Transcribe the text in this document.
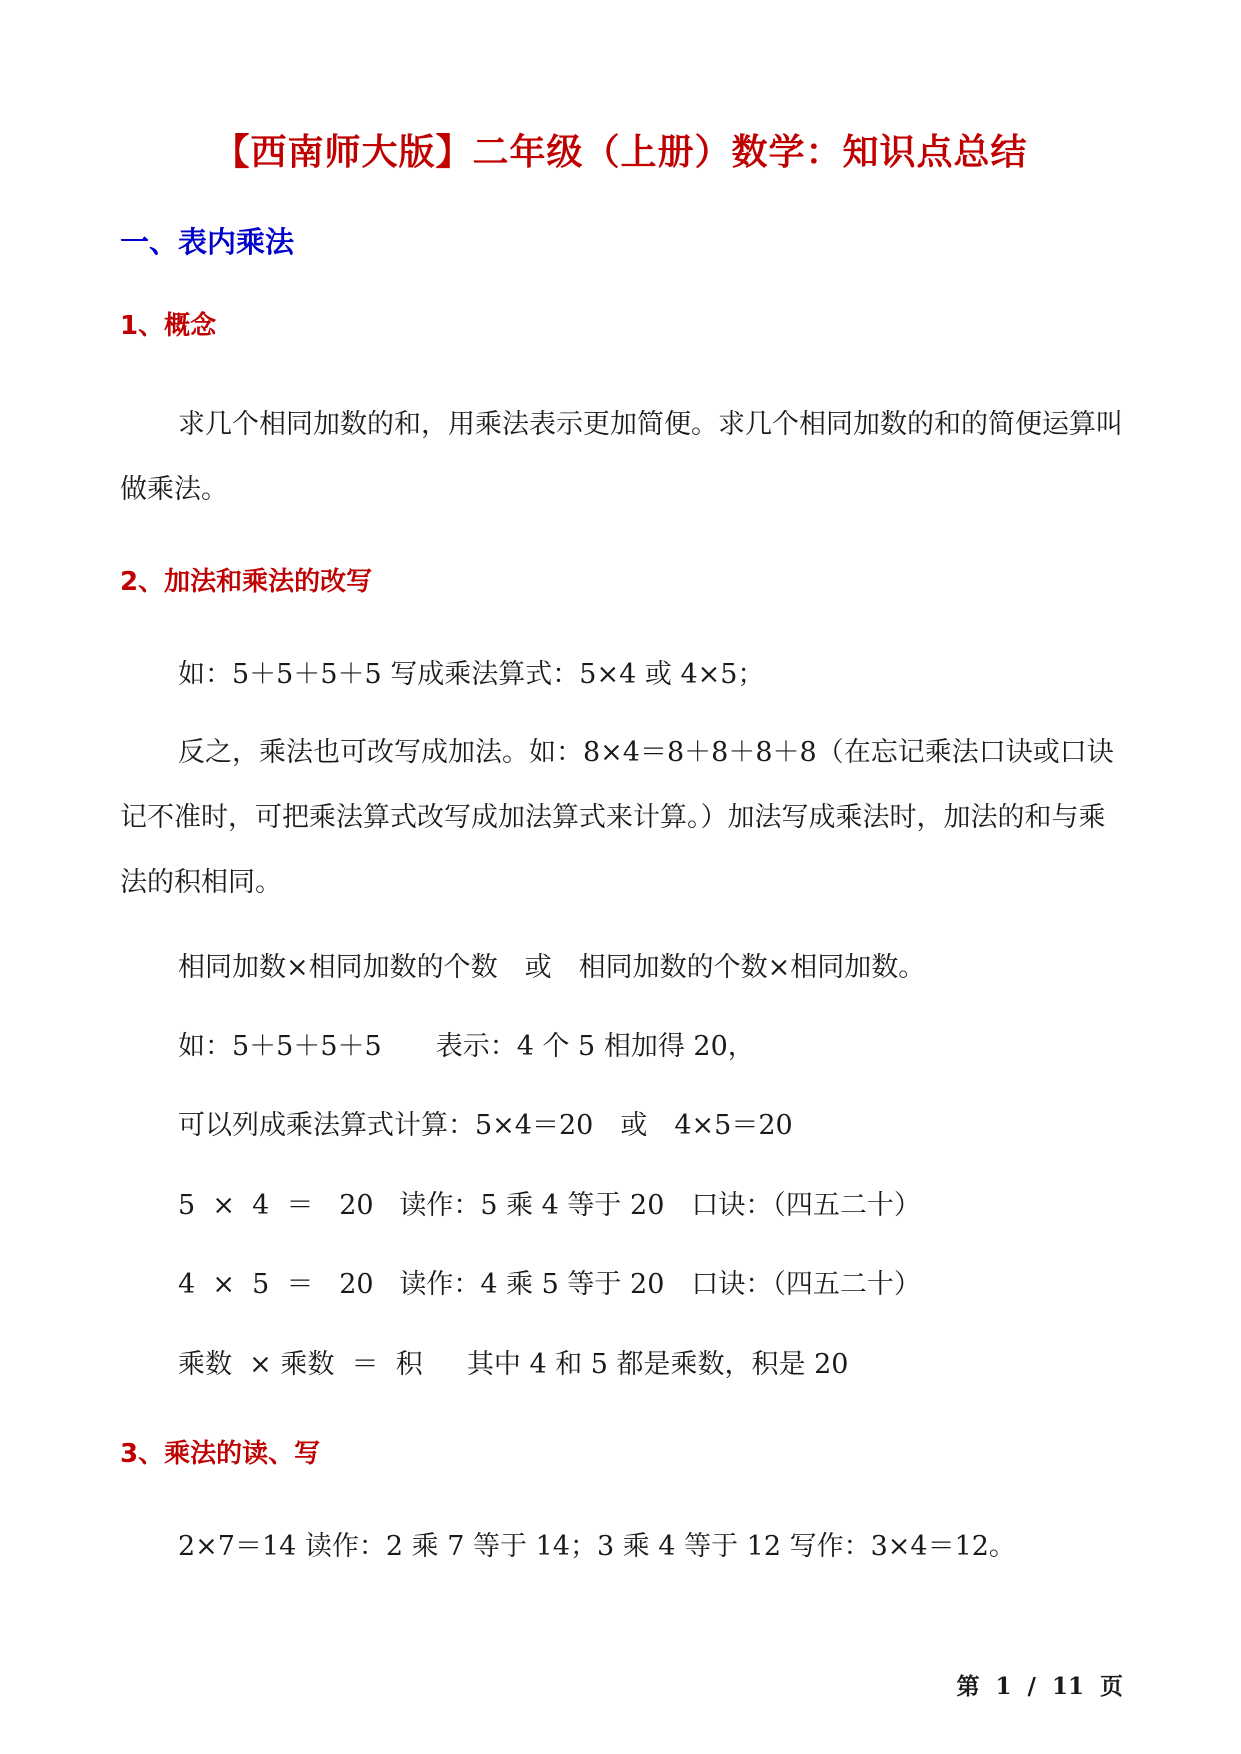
【西南师大版】二年级（上册）数学：知识点总结
一、表内乘法
1、概念
求几个相同加数的和，用乘法表示更加简便。求几个相同加数的和的简便运算叫做乘法。
2、加法和乘法的改写
如：5＋5＋5＋5 写成乘法算式：5×4 或 4×5；
反之，乘法也可改写成加法。如：8×4＝8＋8＋8＋8（在忘记乘法口诀或口诀记不准时，可把乘法算式改写成加法算式来计算。）加法写成乘法时，加法的和与乘法的积相同。
相同加数×相同加数的个数　或　相同加数的个数×相同加数。
如：5＋5＋5＋5　　表示：4 个 5 相加得 20，
可以列成乘法算式计算：5×4＝20　或　4×5＝20
5  ×  4  ＝   20   读作：5 乘 4 等于 20　口诀：（四五二十）
4  ×  5  ＝   20   读作：4 乘 5 等于 20　口诀：（四五二十）
乘数  × 乘数  ＝  积　  其中 4 和 5 都是乘数，积是 20
3、乘法的读、写
2×7＝14 读作：2 乘 7 等于 14；3 乘 4 等于 12 写作：3×4＝12。
第  1  /  11  页
